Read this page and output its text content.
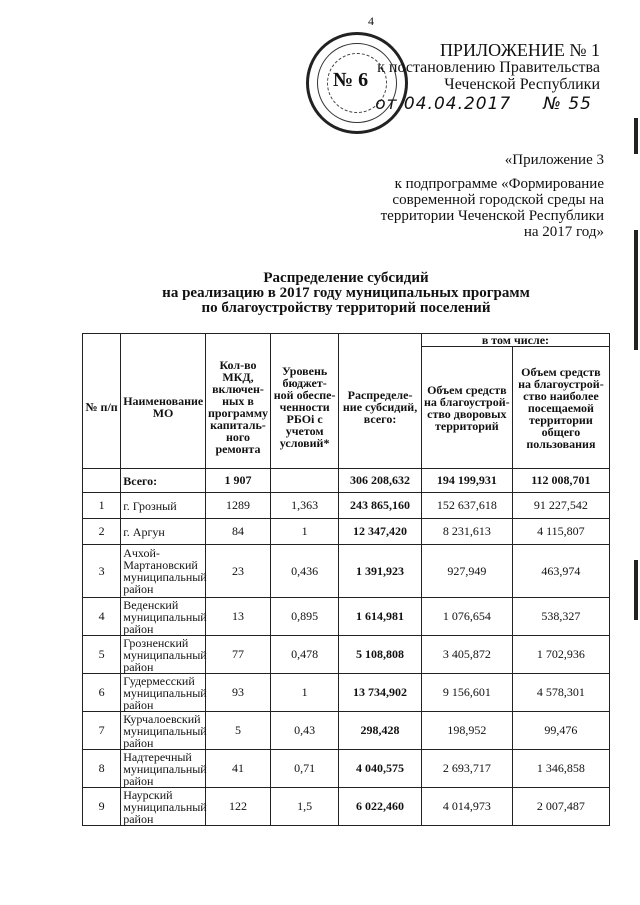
4
№ 6
ПРИЛОЖЕНИЕ № 1
к постановлению Правительства
Чеченской Республики
от 04.04.2017 № 55
«Приложение 3
к подпрограмме «Формирование
современной городской среды на
территории Чеченской Республики
на 2017 год»
Распределение субсидий
на реализацию в 2017 году муниципальных программ
по благоустройству территорий поселений
					в том числе:	

№ п/п	Наименование МО	Кол-во МКД, включен-ных в программу капиталь-ного ремонта	Уровень бюджет-ной обеспе-ченности РБОi с учетом условий*	Распределе-ние субсидий, всего:	Объем средств на благоустрой-ство дворовых территорий	Объем средств на благоустрой-ство наиболее посещаемой территории общего пользования
	Всего:	1 907		306 208,632	194 199,931	112 008,701
1	г. Грозный	1289	1,363	243 865,160	152 637,618	91 227,542
2	г. Аргун	84	1	12 347,420	8 231,613	4 115,807
3	Ачхой-Мартановский муниципальный район	23	0,436	1 391,923	927,949	463,974
4	Веденский муниципальный район	13	0,895	1 614,981	1 076,654	538,327
5	Грозненский муниципальный район	77	0,478	5 108,808	3 405,872	1 702,936
6	Гудермесский муниципальный район	93	1	13 734,902	9 156,601	4 578,301
7	Курчалоевский муниципальный район	5	0,43	298,428	198,952	99,476
8	Надтеречный муниципальный район	41	0,71	4 040,575	2 693,717	1 346,858
9	Наурский муниципальный район	122	1,5	6 022,460	4 014,973	2 007,487
